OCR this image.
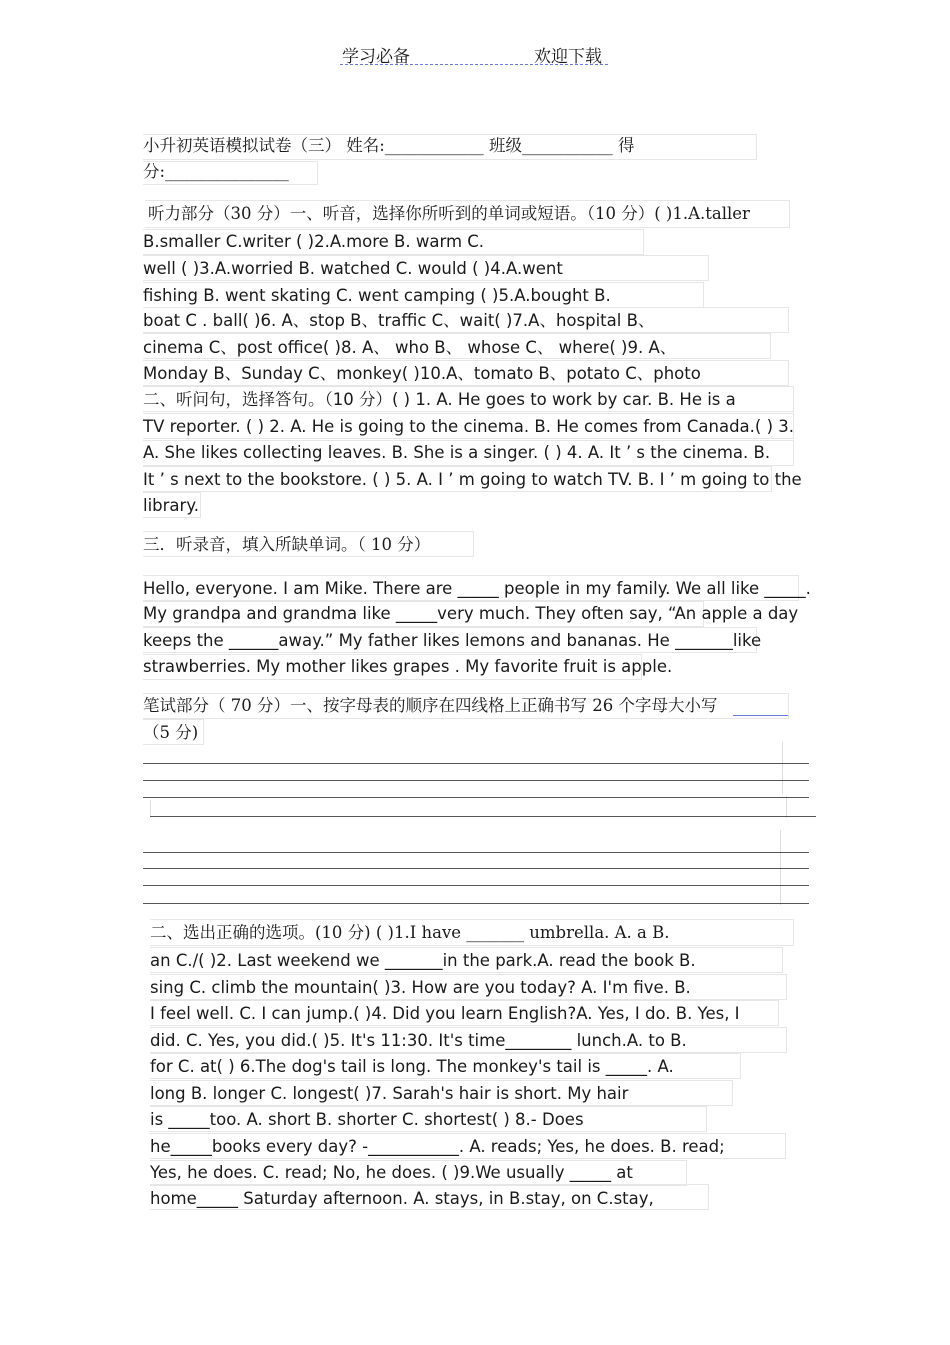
学习必备	欢迎下载
小升初英语模拟试卷（三） 姓名:____________ 班级___________ 得
分:_______________
听力部分（30 分）一、听音，选择你所听到的单词或短语。（10 分）( )1.A.taller
B.smaller C.writer ( )2.A.more B. warm C.
well ( )3.A.worried B. watched C. would ( )4.A.went
fishing B. went skating C. went camping ( )5.A.bought B.
boat C . ball( )6. A、stop B、traffic C、wait( )7.A、hospital B、
cinema C、post office( )8. A、 who B、 whose C、 where( )9. A、
Monday B、Sunday C、monkey( )10.A、tomato B、potato C、photo
二、听问句，选择答句。（10 分）( ) 1. A. He goes to work by car. B. He is a
TV reporter. ( ) 2. A. He is going to the cinema. B. He comes from Canada.( ) 3.
A. She likes collecting leaves. B. She is a singer. ( ) 4. A. It ’ s the cinema. B.
It ’ s next to the bookstore. ( ) 5. A. I ’ m going to watch TV. B. I ’ m going to the
library.
三．听录音，填入所缺单词。（ 10 分）
Hello, everyone. I am Mike. There are _____ people in my family. We all like _____.
My grandpa and grandma like _____very much. They often say, “An apple a day
keeps the ______away.” My father likes lemons and bananas. He _______like
strawberries. My mother likes grapes . My favorite fruit is apple.
笔试部分（ 70 分）一、按字母表的顺序在四线格上正确书写 26 个字母大小写
（5 分)
二、选出正确的选项。(10 分) ( )1.I have _______ umbrella. A. a B.
an C./( )2. Last weekend we _______in the park.A. read the book B.
sing C. climb the mountain( )3. How are you today? A. I'm five. B.
I feel well. C. I can jump.( )4. Did you learn English?A. Yes, I do. B. Yes, I
did. C. Yes, you did.( )5. It's 11:30. It's time________ lunch.A. to B.
for C. at( ) 6.The dog's tail is long. The monkey's tail is _____. A.
long B. longer C. longest( )7. Sarah's hair is short. My hair
is _____too. A. short B. shorter C. shortest( ) 8.- Does
he_____books every day? -___________. A. reads; Yes, he does. B. read;
Yes, he does. C. read; No, he does. ( )9.We usually _____ at
home_____ Saturday afternoon. A. stays, in B.stay, on C.stay,
